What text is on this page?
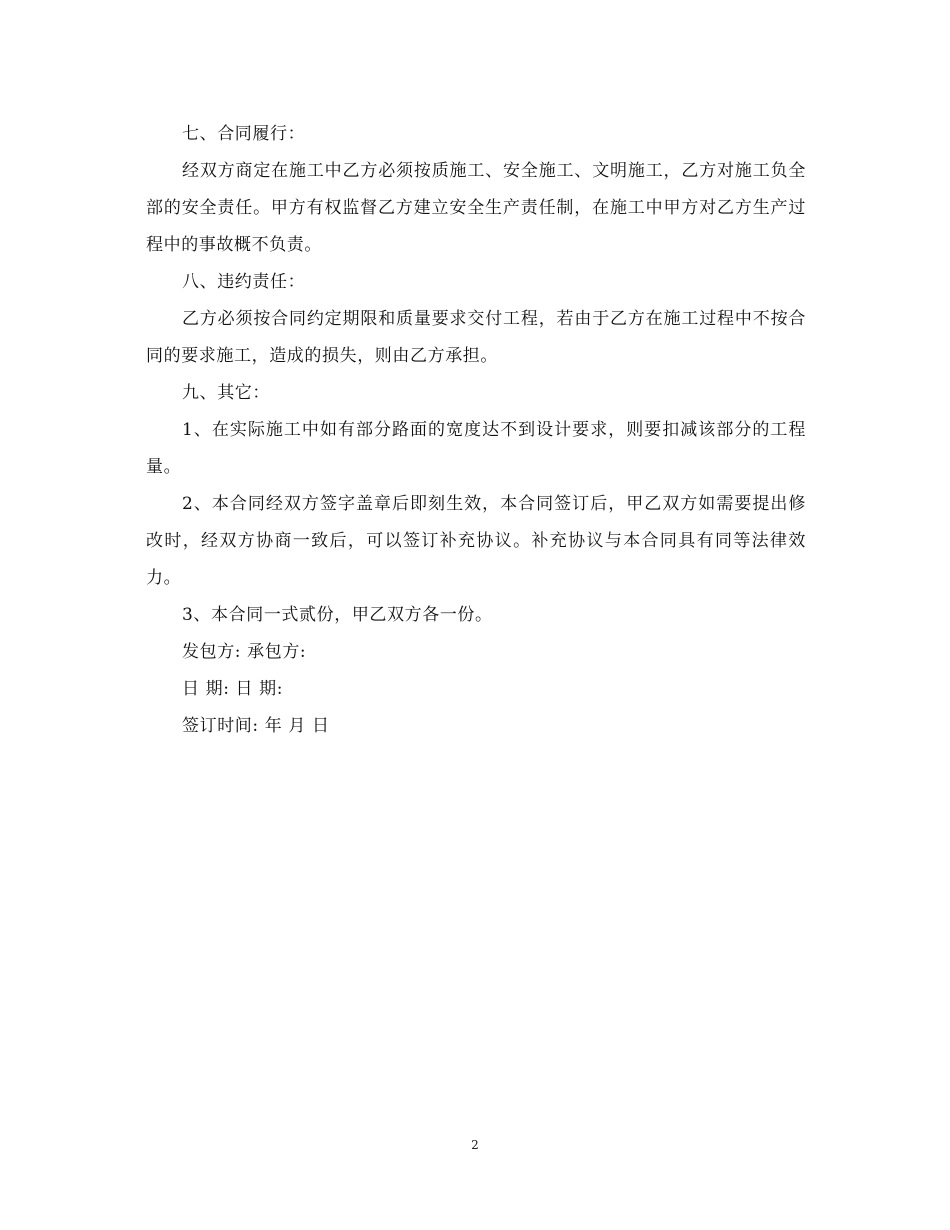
七、合同履行：

经双方商定在施工中乙方必须按质施工、安全施工、文明施工，乙方对施工负全部的安全责任。甲方有权监督乙方建立安全生产责任制，在施工中甲方对乙方生产过程中的事故概不负责。

八、违约责任：

乙方必须按合同约定期限和质量要求交付工程，若由于乙方在施工过程中不按合同的要求施工，造成的损失，则由乙方承担。

九、其它：

1、在实际施工中如有部分路面的宽度达不到设计要求，则要扣减该部分的工程量。

2、本合同经双方签字盖章后即刻生效，本合同签订后，甲乙双方如需要提出修改时，经双方协商一致后，可以签订补充协议。补充协议与本合同具有同等法律效力。

3、本合同一式贰份，甲乙双方各一份。

发包方: 承包方:

日 期: 日 期:

签订时间: 年 月 日

2
